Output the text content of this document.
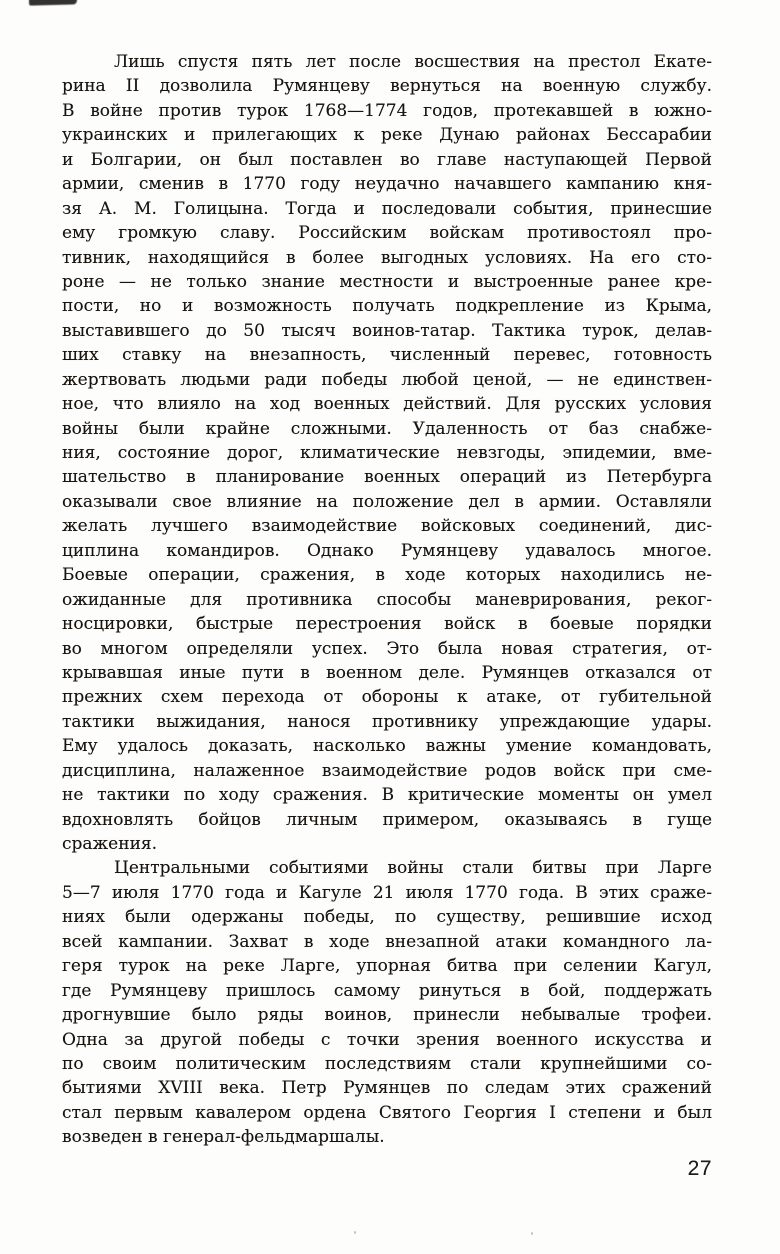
Лишь спустя пять лет после восшествия на престол Екате-
рина II дозволила Румянцеву вернуться на военную службу.
В войне против турок 1768—1774 годов, протекавшей в южно-
украинских и прилегающих к реке Дунаю районах Бессарабии
и Болгарии, он был поставлен во главе наступающей Первой
армии, сменив в 1770 году неудачно начавшего кампанию кня-
зя А. М. Голицына. Тогда и последовали события, принесшие
ему громкую славу. Российским войскам противостоял про-
тивник, находящийся в более выгодных условиях. На его сто-
роне — не только знание местности и выстроенные ранее кре-
пости, но и возможность получать подкрепление из Крыма,
выставившего до 50 тысяч воинов-татар. Тактика турок, делав-
ших ставку на внезапность, численный перевес, готовность
жертвовать людьми ради победы любой ценой, — не единствен-
ное, что влияло на ход военных действий. Для русских условия
войны были крайне сложными. Удаленность от баз снабже-
ния, состояние дорог, климатические невзгоды, эпидемии, вме-
шательство в планирование военных операций из Петербурга
оказывали свое влияние на положение дел в армии. Оставляли
желать лучшего взаимодействие войсковых соединений, дис-
циплина командиров. Однако Румянцеву удавалось многое.
Боевые операции, сражения, в ходе которых находились не-
ожиданные для противника способы маневрирования, реког-
носцировки, быстрые перестроения войск в боевые порядки
во многом определяли успех. Это была новая стратегия, от-
крывавшая иные пути в военном деле. Румянцев отказался от
прежних схем перехода от обороны к атаке, от губительной
тактики выжидания, нанося противнику упреждающие удары.
Ему удалось доказать, насколько важны умение командовать,
дисциплина, налаженное взаимодействие родов войск при сме-
не тактики по ходу сражения. В критические моменты он умел
вдохновлять бойцов личным примером, оказываясь в гуще
сражения.
Центральными событиями войны стали битвы при Ларге
5—7 июля 1770 года и Кагуле 21 июля 1770 года. В этих сраже-
ниях были одержаны победы, по существу, решившие исход
всей кампании. Захват в ходе внезапной атаки командного ла-
геря турок на реке Ларге, упорная битва при селении Кагул,
где Румянцеву пришлось самому ринуться в бой, поддержать
дрогнувшие было ряды воинов, принесли небывалые трофеи.
Одна за другой победы с точки зрения военного искусства и
по своим политическим последствиям стали крупнейшими со-
бытиями XVIII века. Петр Румянцев по следам этих сражений
стал первым кавалером ордена Святого Георгия I степени и был
возведен в генерал-фельдмаршалы.
27
